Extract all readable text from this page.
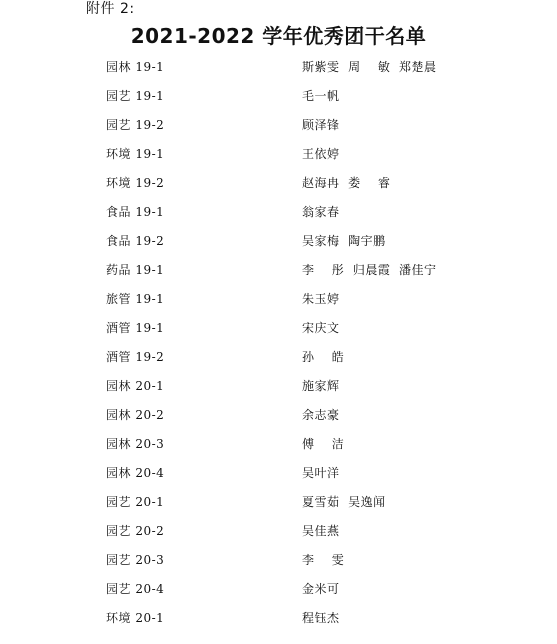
附件 2:
2021-2022 学年优秀团干名单
园林 19-1	斯紫雯  周    敏  郑楚晨
园艺 19-1	毛一帆
园艺 19-2	顾泽锋
环境 19-1	王依婷
环境 19-2	赵海冉  娄    睿
食品 19-1	翁家春
食品 19-2	吴家梅  陶宇鹏
药品 19-1	李    彤  归晨霞  潘佳宁
旅管 19-1	朱玉婷
酒管 19-1	宋庆文
酒管 19-2	孙    皓
园林 20-1	施家辉
园林 20-2	余志豪
园林 20-3	傅    洁
园林 20-4	吴叶洋
园艺 20-1	夏雪茹  吴逸闻
园艺 20-2	吴佳燕
园艺 20-3	李    雯
园艺 20-4	金米可
环境 20-1	程钰杰
